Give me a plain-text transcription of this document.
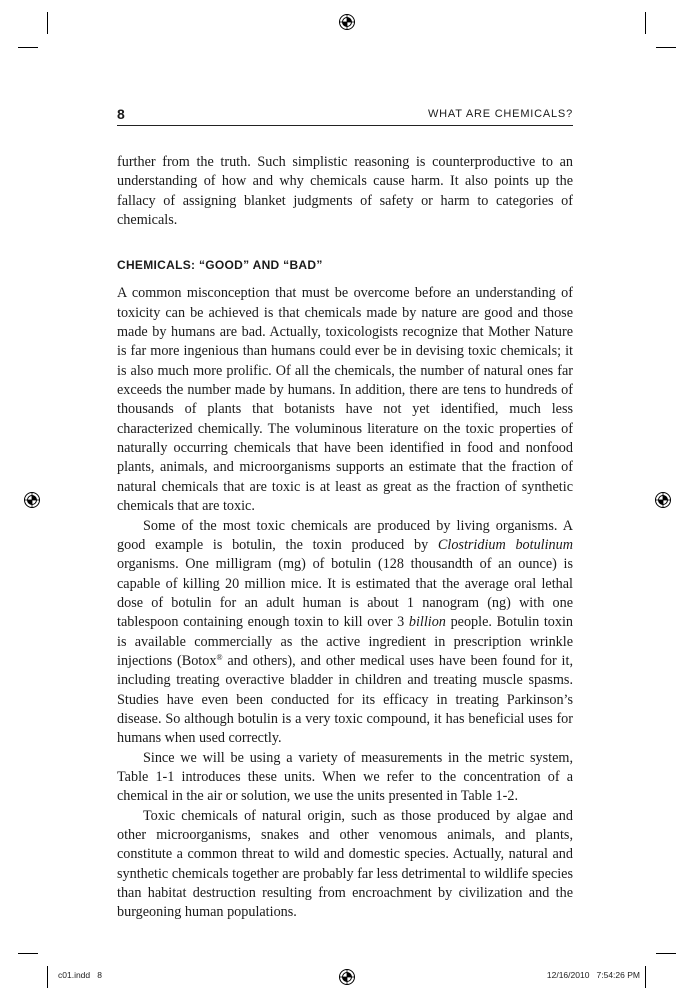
8	WHAT ARE CHEMICALS?

further from the truth. Such simplistic reasoning is counterproductive to an understanding of how and why chemicals cause harm. It also points up the fallacy of assigning blanket judgments of safety or harm to categories of chemicals.

CHEMICALS: “GOOD” AND “BAD”

A common misconception that must be overcome before an understanding of toxicity can be achieved is that chemicals made by nature are good and those made by humans are bad. Actually, toxicologists recognize that Mother Nature is far more ingenious than humans could ever be in devising toxic chemicals; it is also much more prolific. Of all the chemicals, the number of natural ones far exceeds the number made by humans. In addition, there are tens to hundreds of thousands of plants that botanists have not yet identified, much less characterized chemically. The voluminous literature on the toxic properties of naturally occurring chemicals that have been identified in food and nonfood plants, animals, and microorganisms supports an estimate that the fraction of natural chemicals that are toxic is at least as great as the fraction of synthetic chemicals that are toxic.

Some of the most toxic chemicals are produced by living organisms. A good example is botulin, the toxin produced by Clostridium botulinum organisms. One milligram (mg) of botulin (128 thousandth of an ounce) is capable of killing 20 million mice. It is estimated that the average oral lethal dose of botulin for an adult human is about 1 nanogram (ng) with one tablespoon containing enough toxin to kill over 3 billion people. Botulin toxin is available commercially as the active ingredient in prescription wrinkle injections (Botox® and others), and other medical uses have been found for it, including treating overactive bladder in children and treating muscle spasms. Studies have even been conducted for its efficacy in treating Parkinson’s disease. So although botulin is a very toxic compound, it has beneficial uses for humans when used correctly.

Since we will be using a variety of measurements in the metric system, Table 1-1 introduces these units. When we refer to the concentration of a chemical in the air or solution, we use the units presented in Table 1-2.

Toxic chemicals of natural origin, such as those produced by algae and other microorganisms, snakes and other venomous animals, and plants, constitute a common threat to wild and domestic species. Actually, natural and synthetic chemicals together are probably far less detrimental to wildlife species than habitat destruction resulting from encroachment by civilization and the burgeoning human populations.

c01.indd   8	12/16/2010   7:54:26 PM
